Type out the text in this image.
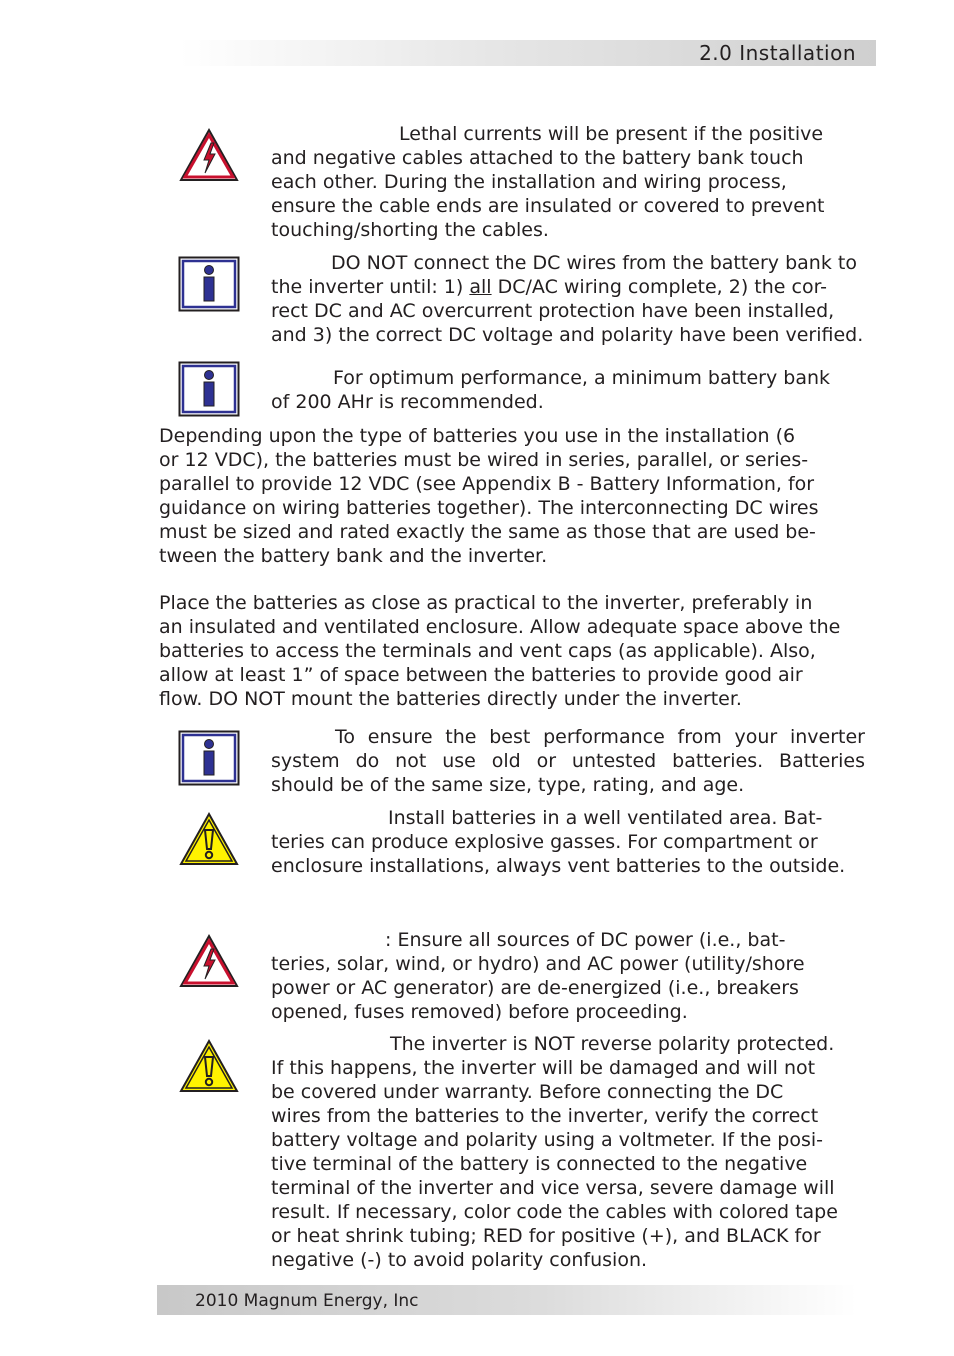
2.0 Installation

Lethal currents will be present if the positive

and negative cables attached to the battery bank touch

each other. During the installation and wiring process,

ensure the cable ends are insulated or covered to prevent

touching/shorting the cables.

DO NOT connect the DC wires from the battery bank to

the inverter until: 1) all DC/AC wiring complete, 2) the cor-

rect DC and AC overcurrent protection have been installed,

and 3) the correct DC voltage and polarity have been verified.

For optimum performance, a minimum battery bank

of 200 AHr is recommended.

Depending upon the type of batteries you use in the installation (6

or 12 VDC), the batteries must be wired in series, parallel, or series-

parallel to provide 12 VDC (see Appendix B - Battery Information, for

guidance on wiring batteries together). The interconnecting DC wires

must be sized and rated exactly the same as those that are used be-

tween the battery bank and the inverter.

Place the batteries as close as practical to the inverter, preferably in

an insulated and ventilated enclosure. Allow adequate space above the

batteries to access the terminals and vent caps (as applicable). Also,

allow at least 1” of space between the batteries to provide good air

flow. DO NOT mount the batteries directly under the inverter.

To ensure the best performance from your inverter

system do not use old or untested batteries. Batteries

should be of the same size, type, rating, and age.

Install batteries in a well ventilated area. Bat-

teries can produce explosive gasses. For compartment or

enclosure installations, always vent batteries to the outside.

: Ensure all sources of DC power (i.e., bat-

teries, solar, wind, or hydro) and AC power (utility/shore

power or AC generator) are de-energized (i.e., breakers

opened, fuses removed) before proceeding.

The inverter is NOT reverse polarity protected.

If this happens, the inverter will be damaged and will not

be covered under warranty. Before connecting the DC

wires from the batteries to the inverter, verify the correct

battery voltage and polarity using a voltmeter. If the posi-

tive terminal of the battery is connected to the negative

terminal of the inverter and vice versa, severe damage will

result. If necessary, color code the cables with colored tape

or heat shrink tubing; RED for positive (+), and BLACK for

negative (-) to avoid polarity confusion.

2010 Magnum Energy, Inc
